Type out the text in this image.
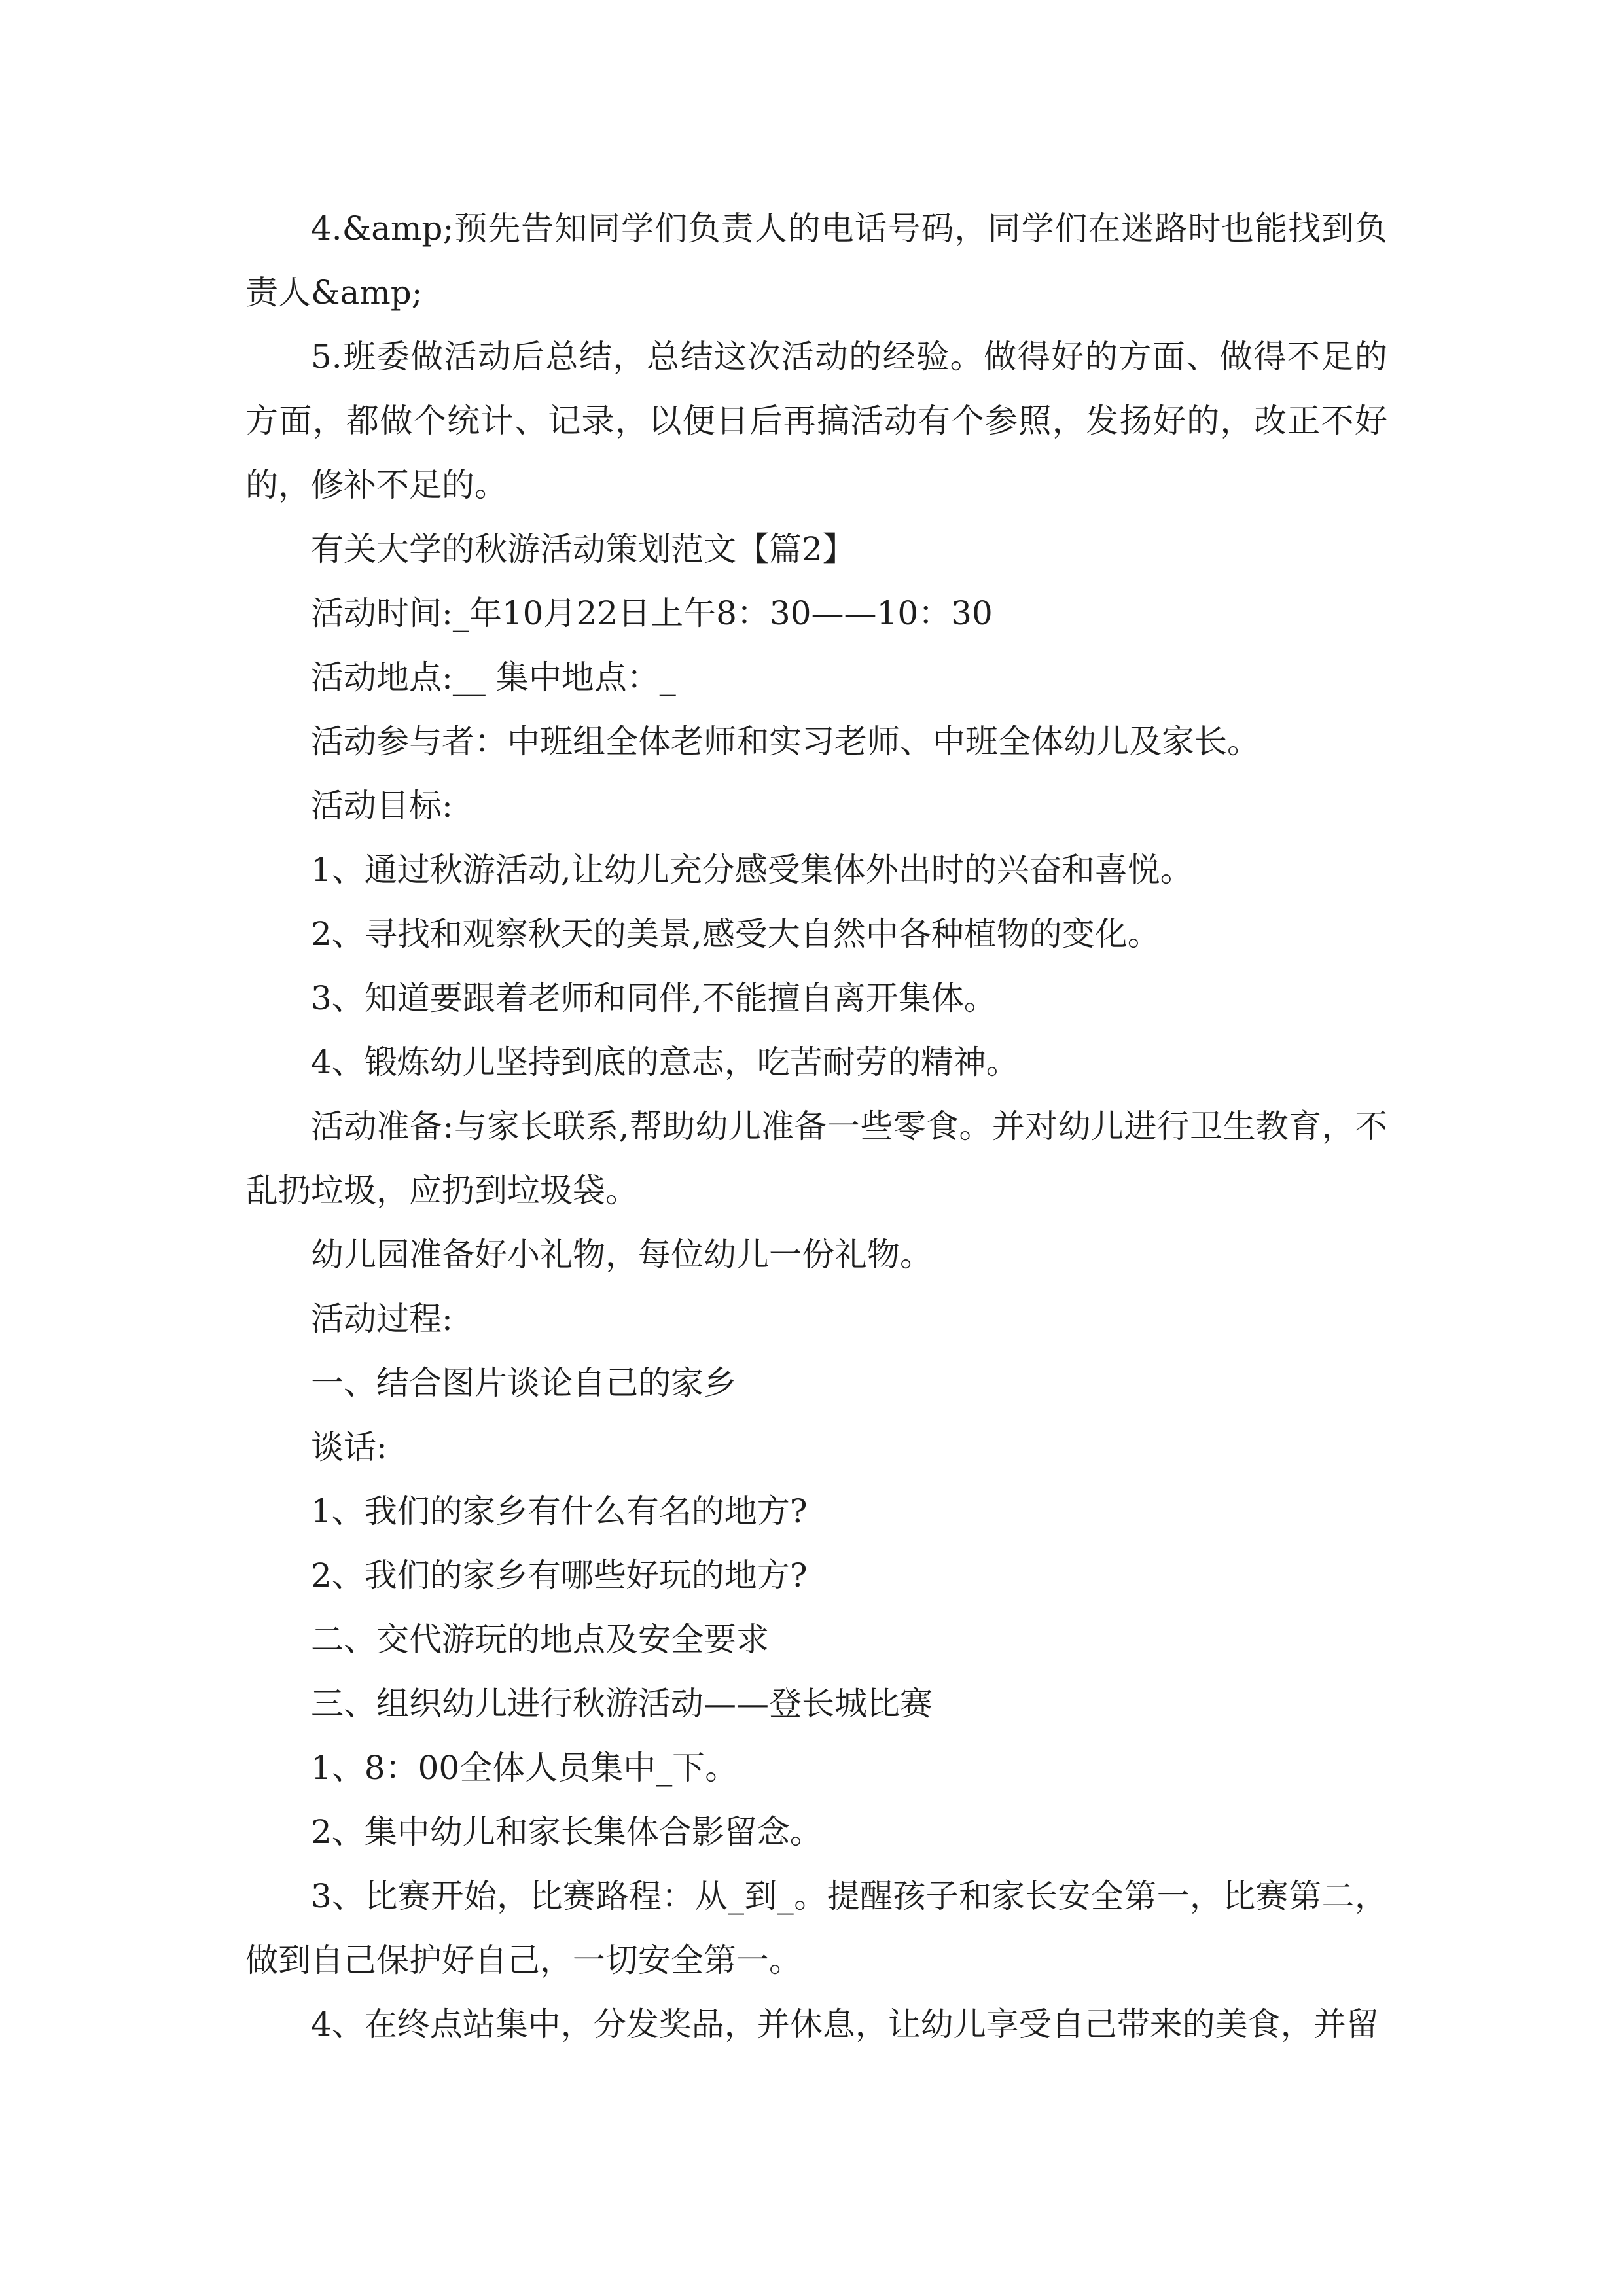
4.&amp;预先告知同学们负责人的电话号码，同学们在迷路时也能找到负责人&amp;

5.班委做活动后总结，总结这次活动的经验。做得好的方面、做得不足的方面，都做个统计、记录，以便日后再搞活动有个参照，发扬好的，改正不好的，修补不足的。

有关大学的秋游活动策划范文【篇2】

活动时间:_年10月22日上午8：30——10：30

活动地点:__ 集中地点：_

活动参与者：中班组全体老师和实习老师、中班全体幼儿及家长。

活动目标:

1、通过秋游活动,让幼儿充分感受集体外出时的兴奋和喜悦。

2、寻找和观察秋天的美景,感受大自然中各种植物的变化。

3、知道要跟着老师和同伴,不能擅自离开集体。

4、锻炼幼儿坚持到底的意志，吃苦耐劳的精神。

活动准备:与家长联系,帮助幼儿准备一些零食。并对幼儿进行卫生教育，不乱扔垃圾，应扔到垃圾袋。

幼儿园准备好小礼物，每位幼儿一份礼物。

活动过程:

一、结合图片谈论自己的家乡

谈话:

1、我们的家乡有什么有名的地方?

2、我们的家乡有哪些好玩的地方?

二、交代游玩的地点及安全要求

三、组织幼儿进行秋游活动——登长城比赛

1、8：00全体人员集中_下。

2、集中幼儿和家长集体合影留念。

3、比赛开始，比赛路程：从_到_。提醒孩子和家长安全第一，比赛第二，做到自己保护好自己，一切安全第一。

4、在终点站集中，分发奖品，并休息，让幼儿享受自己带来的美食，并留
